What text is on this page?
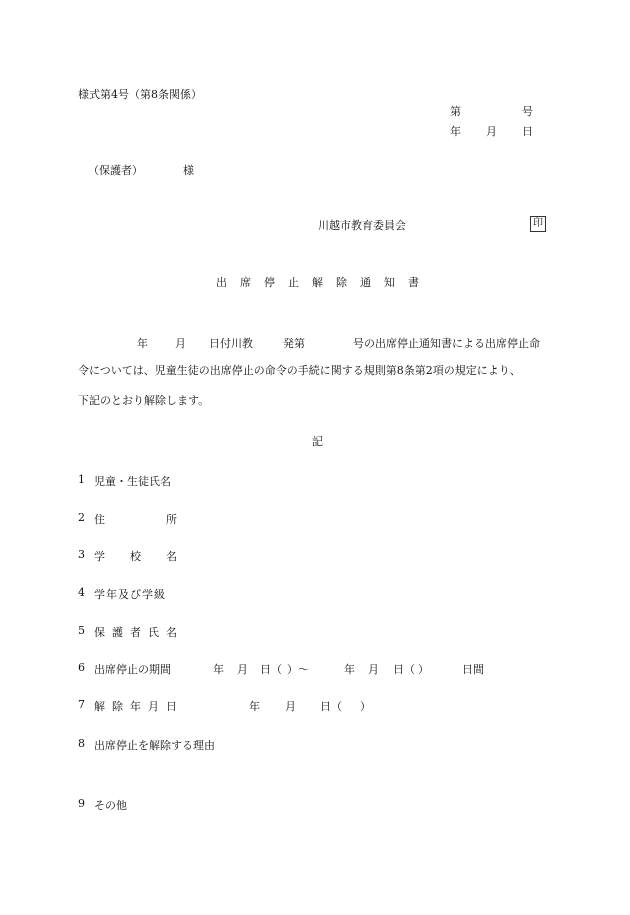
様式第4号（第8条関係）
第	号
年 月 日
（保護者）	様
川越市教育委員会	印
出 席 停 止 解 除 通 知 書
年 月 日付川教	発第	号の出席停止通知書による出席停止命
令については、児童生徒の出席停止の命令の手続に関する規則第8条第2項の規定により、
下記のとおり解除します。
記
1 児童・生徒氏名
2 住	所
3 学 校 名
4 学年及び学級
5 保護者氏名
6 出席停止の期間	年 月 日（ ）〜	年 月 日（ ）	日間
7 解除年月日	年 月 日（ ）
8 出席停止を解除する理由
9 その他
